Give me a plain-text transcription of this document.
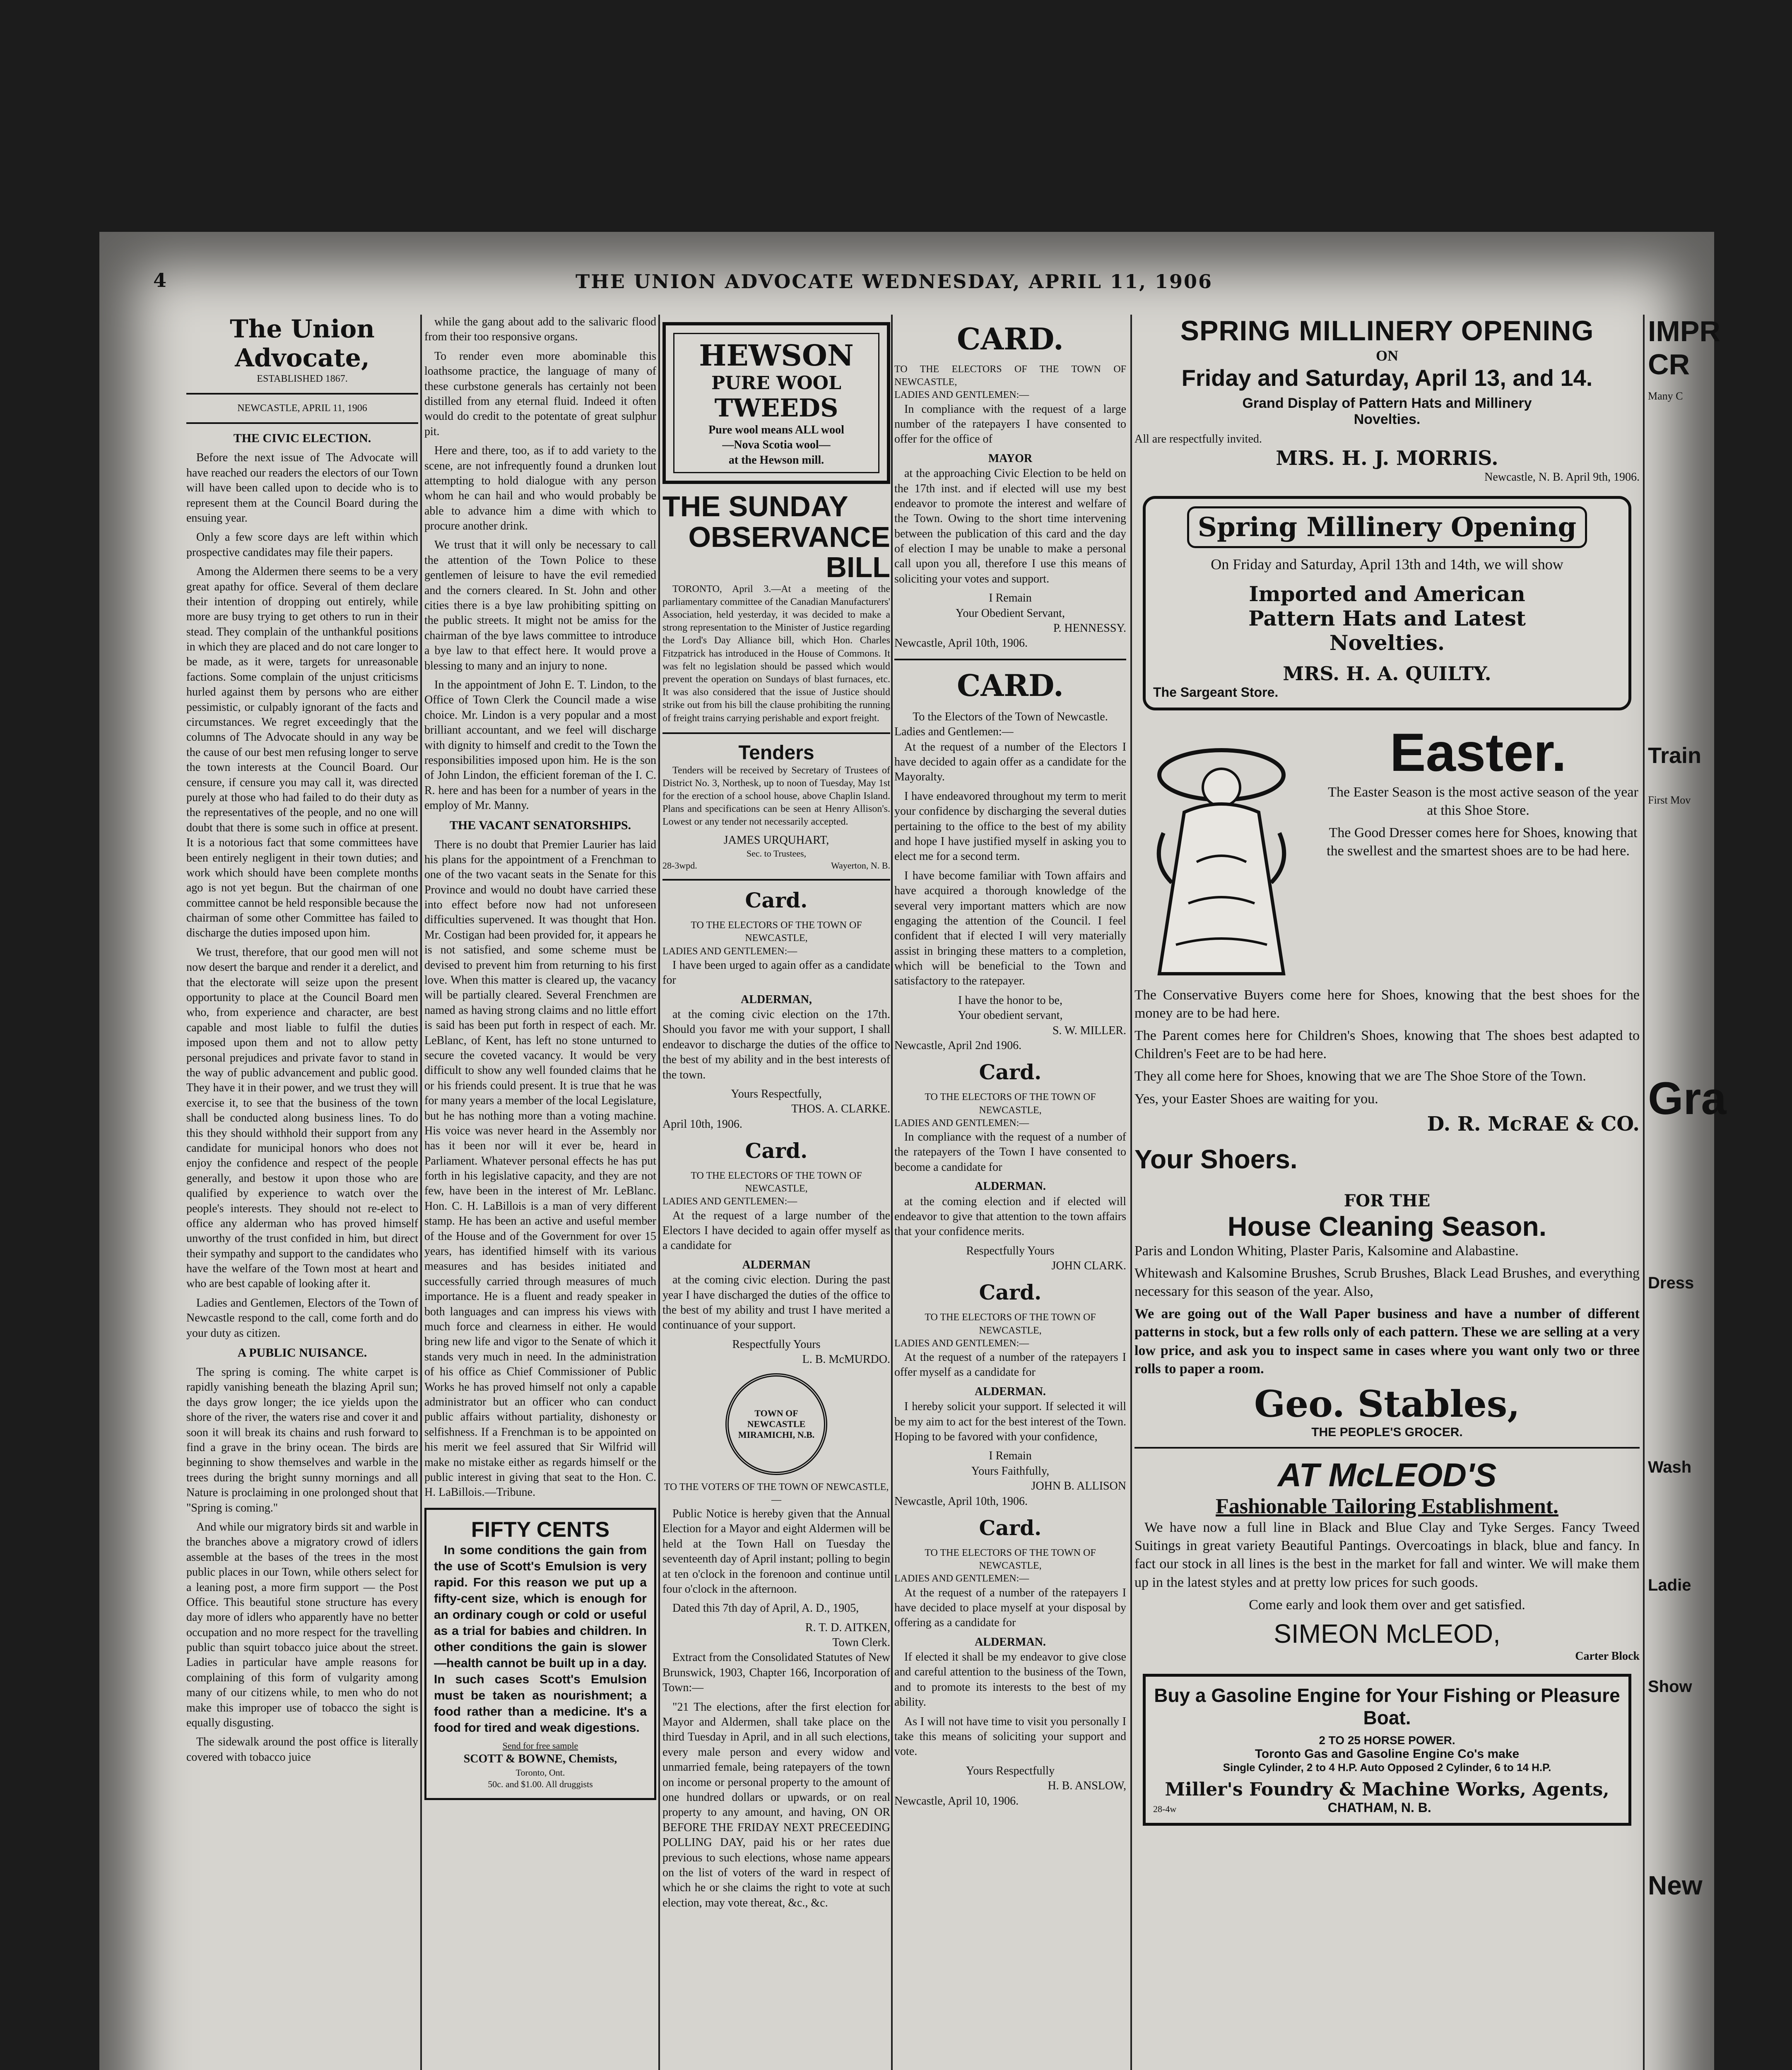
4	THE UNION ADVOCATE WEDNESDAY, APRIL 11, 1906
The Union Advocate,
ESTABLISHED 1867.
NEWCASTLE, APRIL 11, 1906
THE CIVIC ELECTION.

Before the next issue of The Advocate will have reached our readers the electors of our Town will have been called upon to decide who is to represent them at the Council Board during the ensuing year.

Only a few score days are left within which prospective candidates may file their papers.

Among the Aldermen there seems to be a very great apathy for office. Several of them declare their intention of dropping out entirely, while more are busy trying to get others to run in their stead. They complain of the unthankful positions in which they are placed and do not care longer to be made, as it were, targets for unreasonable factions. Some complain of the unjust criticisms hurled against them by persons who are either pessimistic, or culpably ignorant of the facts and circumstances. We regret exceedingly that the columns of The Advocate should in any way be the cause of our best men refusing longer to serve the town interests at the Council Board. Our censure, if censure you may call it, was directed purely at those who had failed to do their duty as the representatives of the people, and no one will doubt that there is some such in office at present. It is a notorious fact that some committees have been entirely negligent in their town duties; and work which should have been complete months ago is not yet begun. But the chairman of one committee cannot be held responsible because the chairman of some other Committee has failed to discharge the duties imposed upon him.

We trust, therefore, that our good men will not now desert the barque and render it a derelict, and that the electorate will seize upon the present opportunity to place at the Council Board men who, from experience and character, are best capable and most liable to fulfil the duties imposed upon them and not to allow petty personal prejudices and private favor to stand in the way of public advancement and public good. They have it in their power, and we trust they will exercise it, to see that the business of the town shall be conducted along business lines. To do this they should withhold their support from any candidate for municipal honors who does not enjoy the confidence and respect of the people generally, and bestow it upon those who are qualified by experience to watch over the people's interests. They should not re-elect to office any alderman who has proved himself unworthy of the trust confided in him, but direct their sympathy and support to the candidates who have the welfare of the Town most at heart and who are best capable of looking after it.

Ladies and Gentlemen, Electors of the Town of Newcastle respond to the call, come forth and do your duty as citizen.

A PUBLIC NUISANCE.

The spring is coming. The white carpet is rapidly vanishing beneath the blazing April sun; the days grow longer; the ice yields upon the shore of the river, the waters rise and cover it and soon it will break its chains and rush forward to find a grave in the briny ocean. The birds are beginning to show themselves and warble in the trees during the bright sunny mornings and all Nature is proclaiming in one prolonged shout that "Spring is coming."

And while our migratory birds sit and warble in the branches above a migratory crowd of idlers assemble at the bases of the trees in the most public places in our Town, while others select for a leaning post, a more firm support — the Post Office. This beautiful stone structure has every day more of idlers who apparently have no better occupation and no more respect for the travelling public than squirt tobacco juice about the street. Ladies in particular have ample reasons for complaining of this form of vulgarity among many of our citizens while, to men who do not make this improper use of tobacco the sight is equally disgusting.

The sidewalk around the post office is literally covered with tobacco juice

while the gang about add to the salivaric flood from their too responsive organs.

To render even more abominable this loathsome practice, the language of many of these curbstone generals has certainly not been distilled from any eternal fluid. Indeed it often would do credit to the potentate of great sulphur pit.

Here and there, too, as if to add variety to the scene, are not infrequently found a drunken lout attempting to hold dialogue with any person whom he can hail and who would probably be able to advance him a dime with which to procure another drink.

We trust that it will only be necessary to call the attention of the Town Police to these gentlemen of leisure to have the evil remedied and the corners cleared. In St. John and other cities there is a bye law prohibiting spitting on the public streets. It might not be amiss for the chairman of the bye laws committee to introduce a bye law to that effect here. It would prove a blessing to many and an injury to none.

In the appointment of John E. T. Lindon, to the Office of Town Clerk the Council made a wise choice. Mr. Lindon is a very popular and a most brilliant accountant, and we feel will discharge with dignity to himself and credit to the Town the responsibilities imposed upon him. He is the son of John Lindon, the efficient foreman of the I. C. R. here and has been for a number of years in the employ of Mr. Manny.

THE VACANT SENATORSHIPS.

There is no doubt that Premier Laurier has laid his plans for the appointment of a Frenchman to one of the two vacant seats in the Senate for this Province and would no doubt have carried these into effect before now had not unforeseen difficulties supervened. It was thought that Hon. Mr. Costigan had been provided for, it appears he is not satisfied, and some scheme must be devised to prevent him from returning to his first love. When this matter is cleared up, the vacancy will be partially cleared. Several Frenchmen are named as having strong claims and no little effort is said has been put forth in respect of each. Mr. LeBlanc, of Kent, has left no stone unturned to secure the coveted vacancy. It would be very difficult to show any well founded claims that he or his friends could present. It is true that he was for many years a member of the local Legislature, but he has nothing more than a voting machine. His voice was never heard in the Assembly nor has it been nor will it ever be, heard in Parliament. Whatever personal effects he has put forth in his legislative capacity, and they are not few, have been in the interest of Mr. LeBlanc. Hon. C. H. LaBillois is a man of very different stamp. He has been an active and useful member of the House and of the Government for over 15 years, has identified himself with its various measures and has besides initiated and successfully carried through measures of much importance. He is a fluent and ready speaker in both languages and can impress his views with much force and clearness in either. He would bring new life and vigor to the Senate of which it stands very much in need. In the administration of his office as Chief Commissioner of Public Works he has proved himself not only a capable administrator but an officer who can conduct public affairs without partiality, dishonesty or selfishness. If a Frenchman is to be appointed on his merit we feel assured that Sir Wilfrid will make no mistake either as regards himself or the public interest in giving that seat to the Hon. C. H. LaBillois.—Tribune.

FIFTY CENTS

In some conditions the gain from the use of Scott's Emulsion is very rapid. For this reason we put up a fifty-cent size, which is enough for an ordinary cough or cold or useful as a trial for babies and children. In other conditions the gain is slower—health cannot be built up in a day. In such cases Scott's Emulsion must be taken as nourishment; a food rather than a medicine. It's a food for tired and weak digestions.

Send for free sample
SCOTT & BOWNE, Chemists,
Toronto, Ont.
50c. and $1.00. All druggists
HEWSON
PURE WOOL
TWEEDS
Pure wool means ALL wool
—Nova Scotia wool—
at the Hewson mill.
THE SUNDAY
OBSERVANCE BILL

TORONTO, April 3.—At a meeting of the parliamentary committee of the Canadian Manufacturers' Association, held yesterday, it was decided to make a strong representation to the Minister of Justice regarding the Lord's Day Alliance bill, which Hon. Charles Fitzpatrick has introduced in the House of Commons. It was felt no legislation should be passed which would prevent the operation on Sundays of blast furnaces, etc. It was also considered that the issue of Justice should strike out from his bill the clause prohibiting the running of freight trains carrying perishable and export freight.

Tenders

Tenders will be received by Secretary of Trustees of District No. 3, Northesk, up to noon of Tuesday, May 1st for the erection of a school house, above Chaplin Island. Plans and specifications can be seen at Henry Allison's. Lowest or any tender not necessarily accepted.

JAMES URQUHART,
Sec. to Trustees,
28-3wpd.	Wayerton, N. B.
Card.
TO THE ELECTORS OF THE TOWN OF NEWCASTLE,
LADIES AND GENTLEMEN:—

I have been urged to again offer as a candidate for

ALDERMAN,

at the coming civic election on the 17th. Should you favor me with your support, I shall endeavor to discharge the duties of the office to the best of my ability and in the best interests of the town.

Yours Respectfully,
THOS. A. CLARKE.
April 10th, 1906.
Card.
TO THE ELECTORS OF THE TOWN OF NEWCASTLE,
LADIES AND GENTLEMEN:—

At the request of a large number of the Electors I have decided to again offer myself as a candidate for

ALDERMAN

at the coming civic election. During the past year I have discharged the duties of the office to the best of my ability and trust I have merited a continuance of your support.

Respectfully Yours
L. B. McMURDO.
TOWN OF NEWCASTLE MIRAMICHI, N.B.
TO THE VOTERS OF THE TOWN OF NEWCASTLE,—

Public Notice is hereby given that the Annual Election for a Mayor and eight Aldermen will be held at the Town Hall on Tuesday the seventeenth day of April instant; polling to begin at ten o'clock in the forenoon and continue until four o'clock in the afternoon.

Dated this 7th day of April, A. D., 1905,

R. T. D. AITKEN,
Town Clerk.

Extract from the Consolidated Statutes of New Brunswick, 1903, Chapter 166, Incorporation of Town:—

"21 The elections, after the first election for Mayor and Aldermen, shall take place on the third Tuesday in April, and in all such elections, every male person and every widow and unmarried female, being ratepayers of the town on income or personal property to the amount of one hundred dollars or upwards, or on real property to any amount, and having, ON OR BEFORE THE FRIDAY NEXT PRECEEDING POLLING DAY, paid his or her rates due previous to such elections, whose name appears on the list of voters of the ward in respect of which he or she claims the right to vote at such election, may vote thereat, &c., &c.

CARD.
TO THE ELECTORS OF THE TOWN OF NEWCASTLE,
LADIES AND GENTLEMEN:—

In compliance with the request of a large number of the ratepayers I have consented to offer for the office of

MAYOR

at the approaching Civic Election to be held on the 17th inst. and if elected will use my best endeavor to promote the interest and welfare of the Town. Owing to the short time intervening between the publication of this card and the day of election I may be unable to make a personal call upon you all, therefore I use this means of soliciting your votes and support.

I Remain
Your Obedient Servant,
P. HENNESSY.
Newcastle, April 10th, 1906.
CARD.
To the Electors of the Town of Newcastle.
Ladies and Gentlemen:—

At the request of a number of the Electors I have decided to again offer as a candidate for the Mayoralty.

I have endeavored throughout my term to merit your confidence by discharging the several duties pertaining to the office to the best of my ability and hope I have justified myself in asking you to elect me for a second term.

I have become familiar with Town affairs and have acquired a thorough knowledge of the several very important matters which are now engaging the attention of the Council. I feel confident that if elected I will very materially assist in bringing these matters to a completion, which will be beneficial to the Town and satisfactory to the ratepayer.

I have the honor to be,
Your obedient servant,
S. W. MILLER.
Newcastle, April 2nd 1906.
Card.
TO THE ELECTORS OF THE TOWN OF NEWCASTLE,
LADIES AND GENTLEMEN:—

In compliance with the request of a number of the ratepayers of the Town I have consented to become a candidate for

ALDERMAN.

at the coming election and if elected will endeavor to give that attention to the town affairs that your confidence merits.

Respectfully Yours
JOHN CLARK.
Card.
TO THE ELECTORS OF THE TOWN OF NEWCASTLE,
LADIES AND GENTLEMEN:—

At the request of a number of the ratepayers I offer myself as a candidate for

ALDERMAN.

I hereby solicit your support. If selected it will be my aim to act for the best interest of the Town. Hoping to be favored with your confidence,

I Remain
Yours Faithfully,
JOHN B. ALLISON
Newcastle, April 10th, 1906.
Card.
TO THE ELECTORS OF THE TOWN OF NEWCASTLE,
LADIES AND GENTLEMEN:—

At the request of a number of the ratepayers I have decided to place myself at your disposal by offering as a candidate for

ALDERMAN.

If elected it shall be my endeavor to give close and careful attention to the business of the Town, and to promote its interests to the best of my ability.

As I will not have time to visit you personally I take this means of soliciting your support and vote.

Yours Respectfully
H. B. ANSLOW,
Newcastle, April 10, 1906.
SPRING MILLINERY OPENING
ON
Friday and Saturday, April 13, and 14.
Grand Display of Pattern Hats and Millinery Novelties.
All are respectfully invited.
MRS. H. J. MORRIS.
Newcastle, N. B. April 9th, 1906.
Spring Millinery Opening
On Friday and Saturday, April 13th and 14th, we will show
Imported and American Pattern Hats and Latest Novelties.
MRS. H. A. QUILTY.
The Sargeant Store.
Easter.

The Easter Season is the most active season of the year at this Shoe Store.

The Good Dresser comes here for Shoes, knowing that the swellest and the smartest shoes are to be had here.

The Conservative Buyers come here for Shoes, knowing that the best shoes for the money are to be had here.

The Parent comes here for Children's Shoes, knowing that The shoes best adapted to Children's Feet are to be had here.

They all come here for Shoes, knowing that we are The Shoe Store of the Town.

Yes, your Easter Shoes are waiting for you.

D. R. McRAE & CO.
Your Shoers.
FOR THE
House Cleaning Season.

Paris and London Whiting, Plaster Paris, Kalsomine and Alabastine.

Whitewash and Kalsomine Brushes, Scrub Brushes, Black Lead Brushes, and everything necessary for this season of the year. Also,

We are going out of the Wall Paper business and have a number of different patterns in stock, but a few rolls only of each pattern. These we are selling at a very low price, and ask you to inspect same in cases where you want only two or three rolls to paper a room.

Geo. Stables,
THE PEOPLE'S GROCER.
AT McLEOD'S
Fashionable Tailoring Establishment.

We have now a full line in Black and Blue Clay and Tyke Serges. Fancy Tweed Suitings in great variety Beautiful Pantings. Overcoatings in black, blue and fancy. In fact our stock in all lines is the best in the market for fall and winter. We will make them up in the latest styles and at pretty low prices for such goods.

Come early and look them over and get satisfied.

SIMEON McLEOD,
Carter Block
Buy a Gasoline Engine for Your Fishing or Pleasure Boat.
2 TO 25 HORSE POWER.
Toronto Gas and Gasoline Engine Co's make
Single Cylinder, 2 to 4 H.P. Auto Opposed 2 Cylinder, 6 to 14 H.P.
Miller's Foundry & Machine Works, Agents,
28-4w	CHATHAM, N. B.
IMPR
CR
Many C
Train
First Mov
Gra
Dress
Wash
Ladie
Show
New
